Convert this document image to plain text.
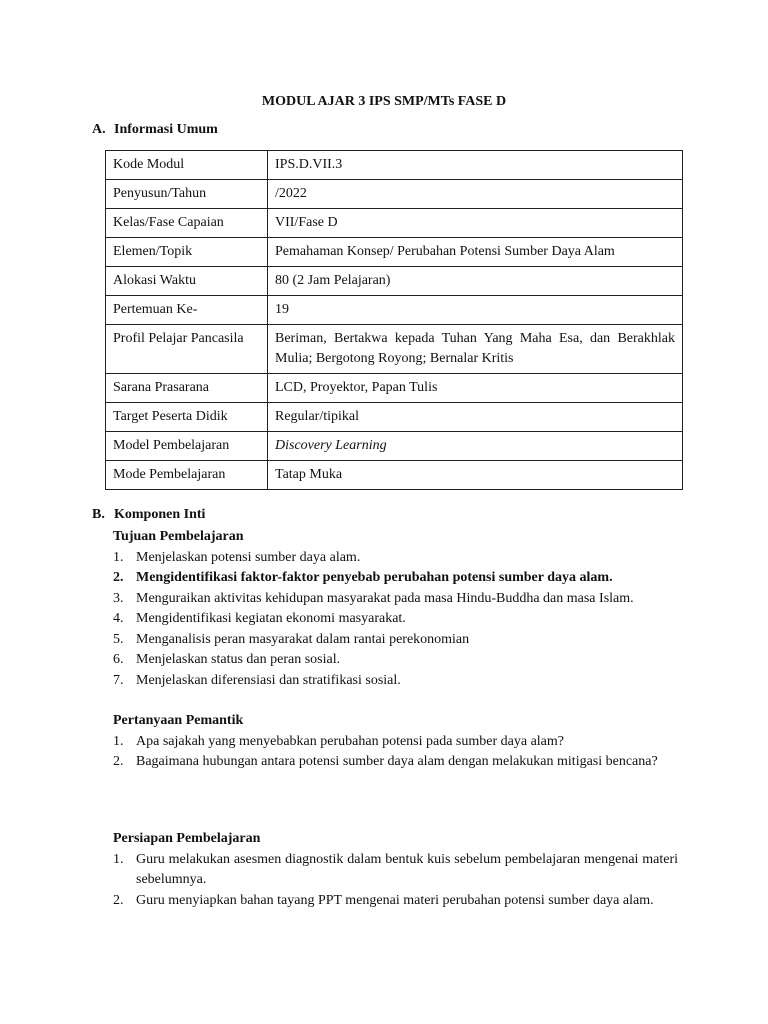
MODUL AJAR 3 IPS SMP/MTs FASE D
A. Informasi Umum
Kode Modul	IPS.D.VII.3
Penyusun/Tahun	/2022
Kelas/Fase Capaian	VII/Fase D
Elemen/Topik	Pemahaman Konsep/ Perubahan Potensi Sumber Daya Alam
Alokasi Waktu	80 (2 Jam Pelajaran)
Pertemuan Ke-	19
Profil Pelajar Pancasila	Beriman, Bertakwa kepada Tuhan Yang Maha Esa, dan Berakhlak Mulia; Bergotong Royong; Bernalar Kritis
Sarana Prasarana	LCD, Proyektor, Papan Tulis
Target Peserta Didik	Regular/tipikal
Model Pembelajaran	Discovery Learning
Mode Pembelajaran	Tatap Muka
B. Komponen Inti
Tujuan Pembelajaran
1. Menjelaskan potensi sumber daya alam.
2. Mengidentifikasi faktor-faktor penyebab perubahan potensi sumber daya alam.
3. Menguraikan aktivitas kehidupan masyarakat pada masa Hindu-Buddha dan masa Islam.
4. Mengidentifikasi kegiatan ekonomi masyarakat.
5. Menganalisis peran masyarakat dalam rantai perekonomian
6. Menjelaskan status dan peran sosial.
7. Menjelaskan diferensiasi dan stratifikasi sosial.
Pertanyaan Pemantik
1. Apa sajakah yang menyebabkan perubahan potensi pada sumber daya alam?
2. Bagaimana hubungan antara potensi sumber daya alam dengan melakukan mitigasi bencana?
Persiapan Pembelajaran
1. Guru melakukan asesmen diagnostik dalam bentuk kuis sebelum pembelajaran mengenai materi sebelumnya.
2. Guru menyiapkan bahan tayang PPT mengenai materi perubahan potensi sumber daya alam.
